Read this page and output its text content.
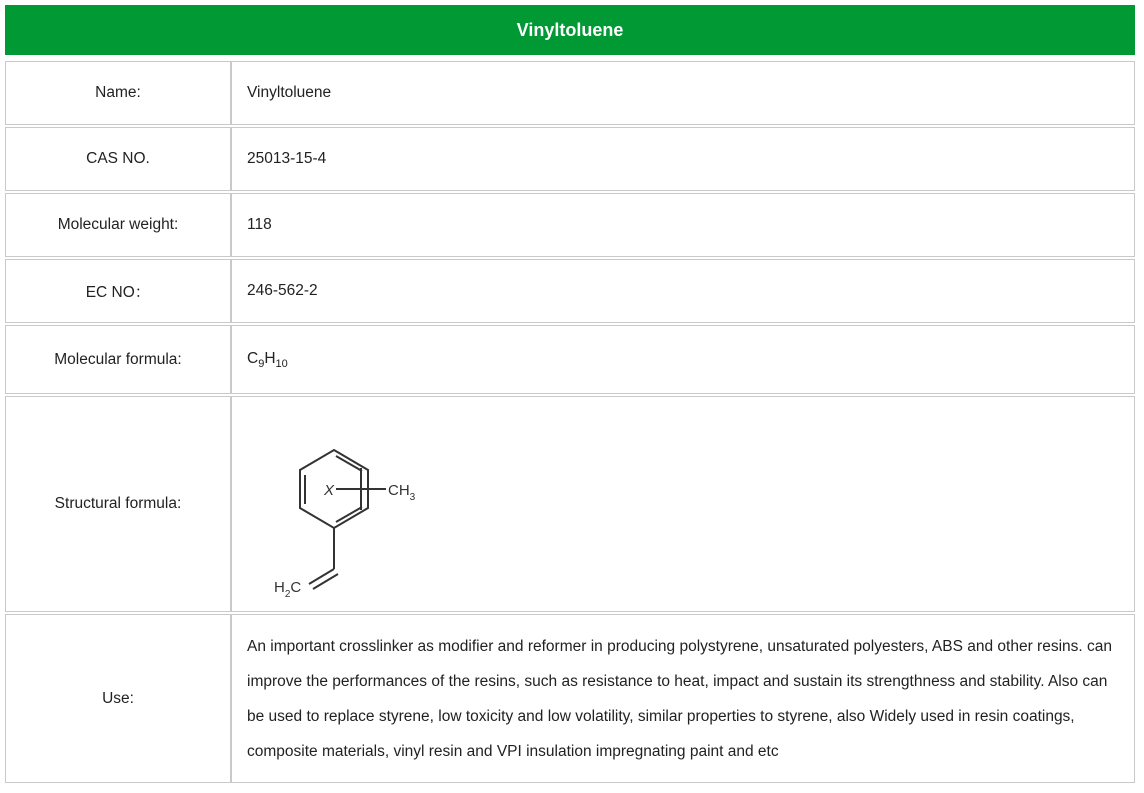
Vinyltoluene
Name:	Vinyltoluene

CAS NO.	25013-15-4

Molecular weight:	118

EC NO：	246-562-2

Molecular formula:	$C_9H_{10}$

Structural formula:	X $CH_3$
$H_2C$

Use:	An important crosslinker as modifier and reformer in producing polystyrene, unsaturated polyesters, ABS and other resins. can improve the performances of the resins, such as resistance to heat, impact and sustain its strengthness and stability. Also can be used to replace styrene, low toxicity and low volatility, similar properties to styrene, also Widely used in resin coatings, composite materials, vinyl resin and VPI insulation impregnating paint and etc
